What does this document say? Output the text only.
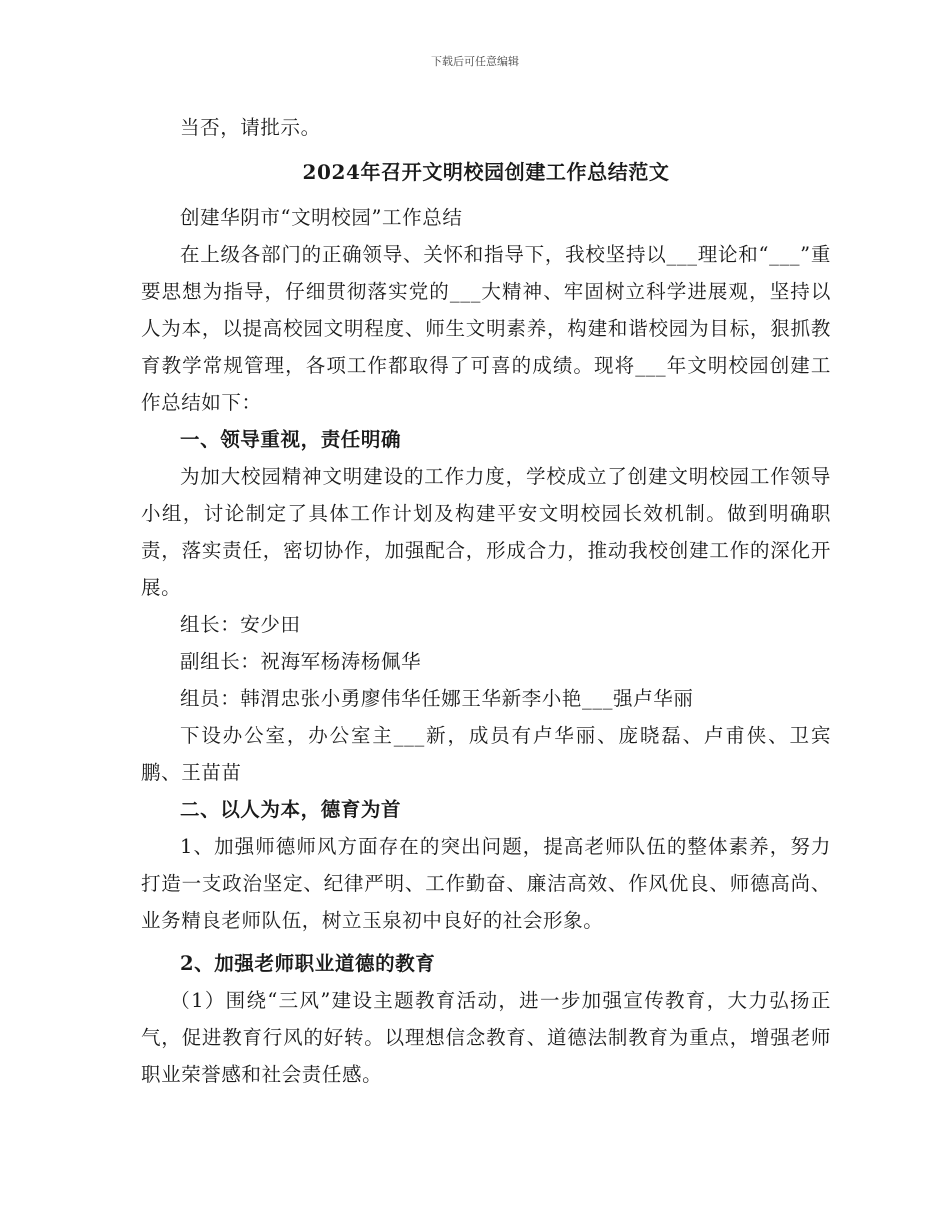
下载后可任意编辑

当否，请批示。

2024年召开文明校园创建工作总结范文

创建华阴市“文明校园”工作总结

在上级各部门的正确领导、关怀和指导下，我校坚持以___理论和“___”重要思想为指导，仔细贯彻落实党的___大精神、牢固树立科学进展观，坚持以人为本，以提高校园文明程度、师生文明素养，构建和谐校园为目标，狠抓教育教学常规管理，各项工作都取得了可喜的成绩。现将___年文明校园创建工作总结如下：

一、领导重视，责任明确

为加大校园精神文明建设的工作力度，学校成立了创建文明校园工作领导小组，讨论制定了具体工作计划及构建平安文明校园长效机制。做到明确职责，落实责任，密切协作，加强配合，形成合力，推动我校创建工作的深化开展。

组长：安少田

副组长：祝海军杨涛杨佩华

组员：韩渭忠张小勇廖伟华任娜王华新李小艳___强卢华丽

下设办公室，办公室主___新，成员有卢华丽、庞晓磊、卢甫侠、卫宾鹏、王苗苗

二、以人为本，德育为首

1、加强师德师风方面存在的突出问题，提高老师队伍的整体素养，努力打造一支政治坚定、纪律严明、工作勤奋、廉洁高效、作风优良、师德高尚、业务精良老师队伍，树立玉泉初中良好的社会形象。

2、加强老师职业道德的教育

（1）围绕“三风”建设主题教育活动，进一步加强宣传教育，大力弘扬正气，促进教育行风的好转。以理想信念教育、道德法制教育为重点，增强老师职业荣誉感和社会责任感。
